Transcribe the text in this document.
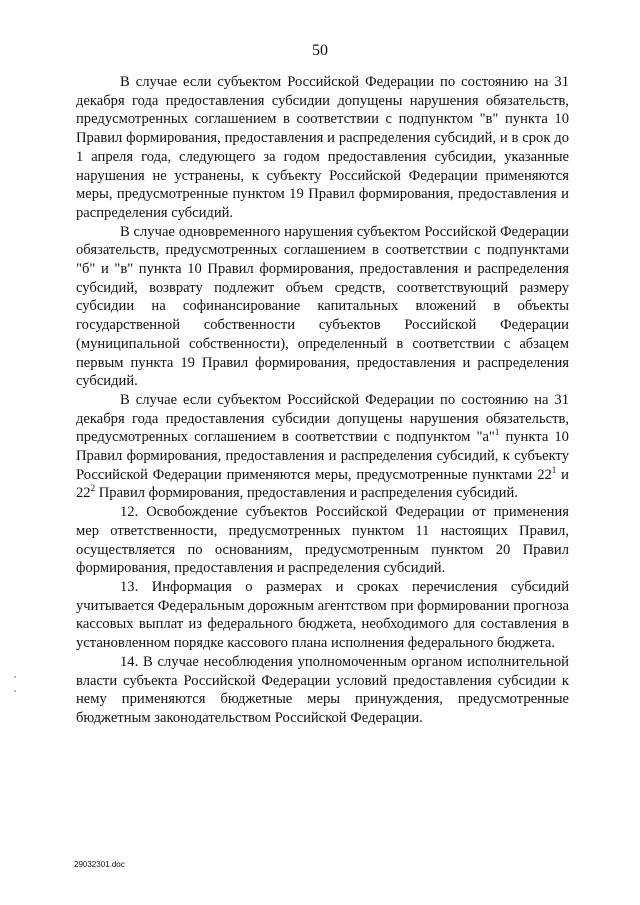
50

В случае если субъектом Российской Федерации по состоянию на 31 декабря года предоставления субсидии допущены нарушения обязательств, предусмотренных соглашением в соответствии с подпунктом "в" пункта 10 Правил формирования, предоставления и распределения субсидий, и в срок до 1 апреля года, следующего за годом предоставления субсидии, указанные нарушения не устранены, к субъекту Российской Федерации применяются меры, предусмотренные пунктом 19 Правил формирования, предоставления и распределения субсидий.

В случае одновременного нарушения субъектом Российской Федерации обязательств, предусмотренных соглашением в соответствии с подпунктами "б" и "в" пункта 10 Правил формирования, предоставления и распределения субсидий, возврату подлежит объем средств, соответствующий размеру субсидии на софинансирование капитальных вложений в объекты государственной собственности субъектов Российской Федерации (муниципальной собственности), определенный в соответствии с абзацем первым пункта 19 Правил формирования, предоставления и распределения субсидий.

В случае если субъектом Российской Федерации по состоянию на 31 декабря года предоставления субсидии допущены нарушения обязательств, предусмотренных соглашением в соответствии с подпунктом "а"$^1$ пункта 10 Правил формирования, предоставления и распределения субсидий, к субъекту Российской Федерации применяются меры, предусмотренные пунктами $22^1$ и $22^2$ Правил формирования, предоставления и распределения субсидий.

12. Освобождение субъектов Российской Федерации от применения мер ответственности, предусмотренных пунктом 11 настоящих Правил, осуществляется по основаниям, предусмотренным пунктом 20 Правил формирования, предоставления и распределения субсидий.

13. Информация о размерах и сроках перечисления субсидий учитывается Федеральным дорожным агентством при формировании прогноза кассовых выплат из федерального бюджета, необходимого для составления в установленном порядке кассового плана исполнения федерального бюджета.

14. В случае несоблюдения уполномоченным органом исполнительной власти субъекта Российской Федерации условий предоставления субсидии к нему применяются бюджетные меры принуждения, предусмотренные бюджетным законодательством Российской Федерации.

29032301.doc
